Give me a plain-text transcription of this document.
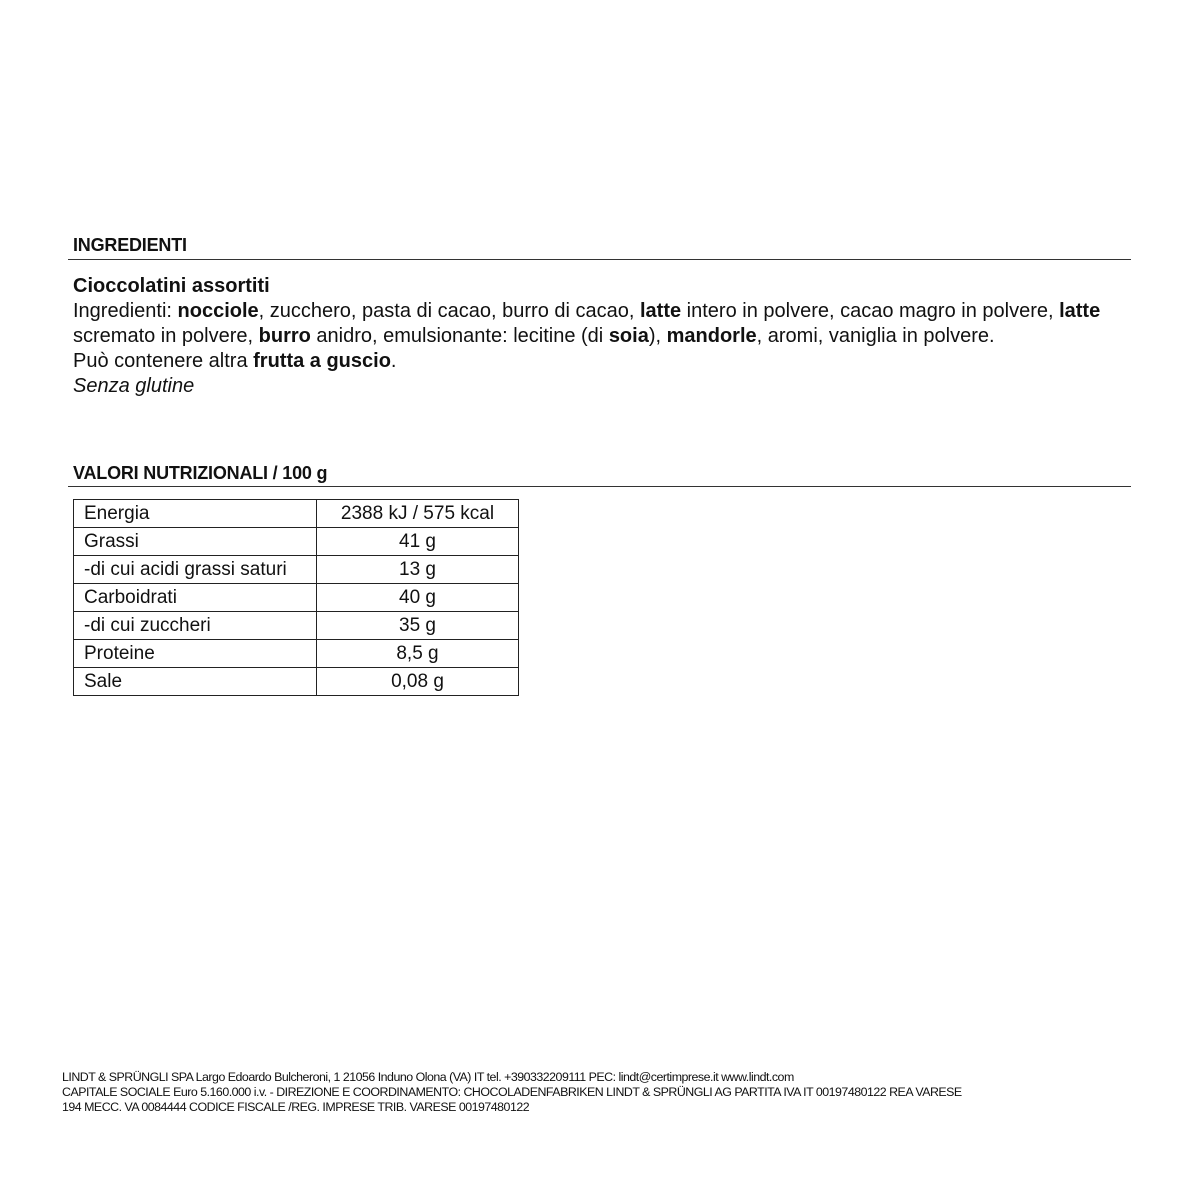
INGREDIENTI

Cioccolatini assortiti

Ingredienti: nocciole, zucchero, pasta di cacao, burro di cacao, latte intero in polvere, cacao magro in polvere, latte scremato in polvere, burro anidro, emulsionante: lecitine (di soia), mandorle, aromi, vaniglia in polvere.

Può contenere altra frutta a guscio.

Senza glutine

VALORI NUTRIZIONALI / 100 g
Energia	2388 kJ / 575 kcal
Grassi	41 g
-di cui acidi grassi saturi	13 g
Carboidrati	40 g
-di cui zuccheri	35 g
Proteine	8,5 g
Sale	0,08 g
LINDT & SPRÜNGLI SPA Largo Edoardo Bulcheroni, 1 21056 Induno Olona (VA) IT tel. +390332209111 PEC: lindt@certimprese.it www.lindt.com
CAPITALE SOCIALE Euro 5.160.000 i.v. - DIREZIONE E COORDINAMENTO: CHOCOLADENFABRIKEN LINDT & SPRÜNGLI AG PARTITA IVA IT 00197480122 REA VARESE
194 MECC. VA 0084444 CODICE FISCALE /REG. IMPRESE TRIB. VARESE 00197480122
